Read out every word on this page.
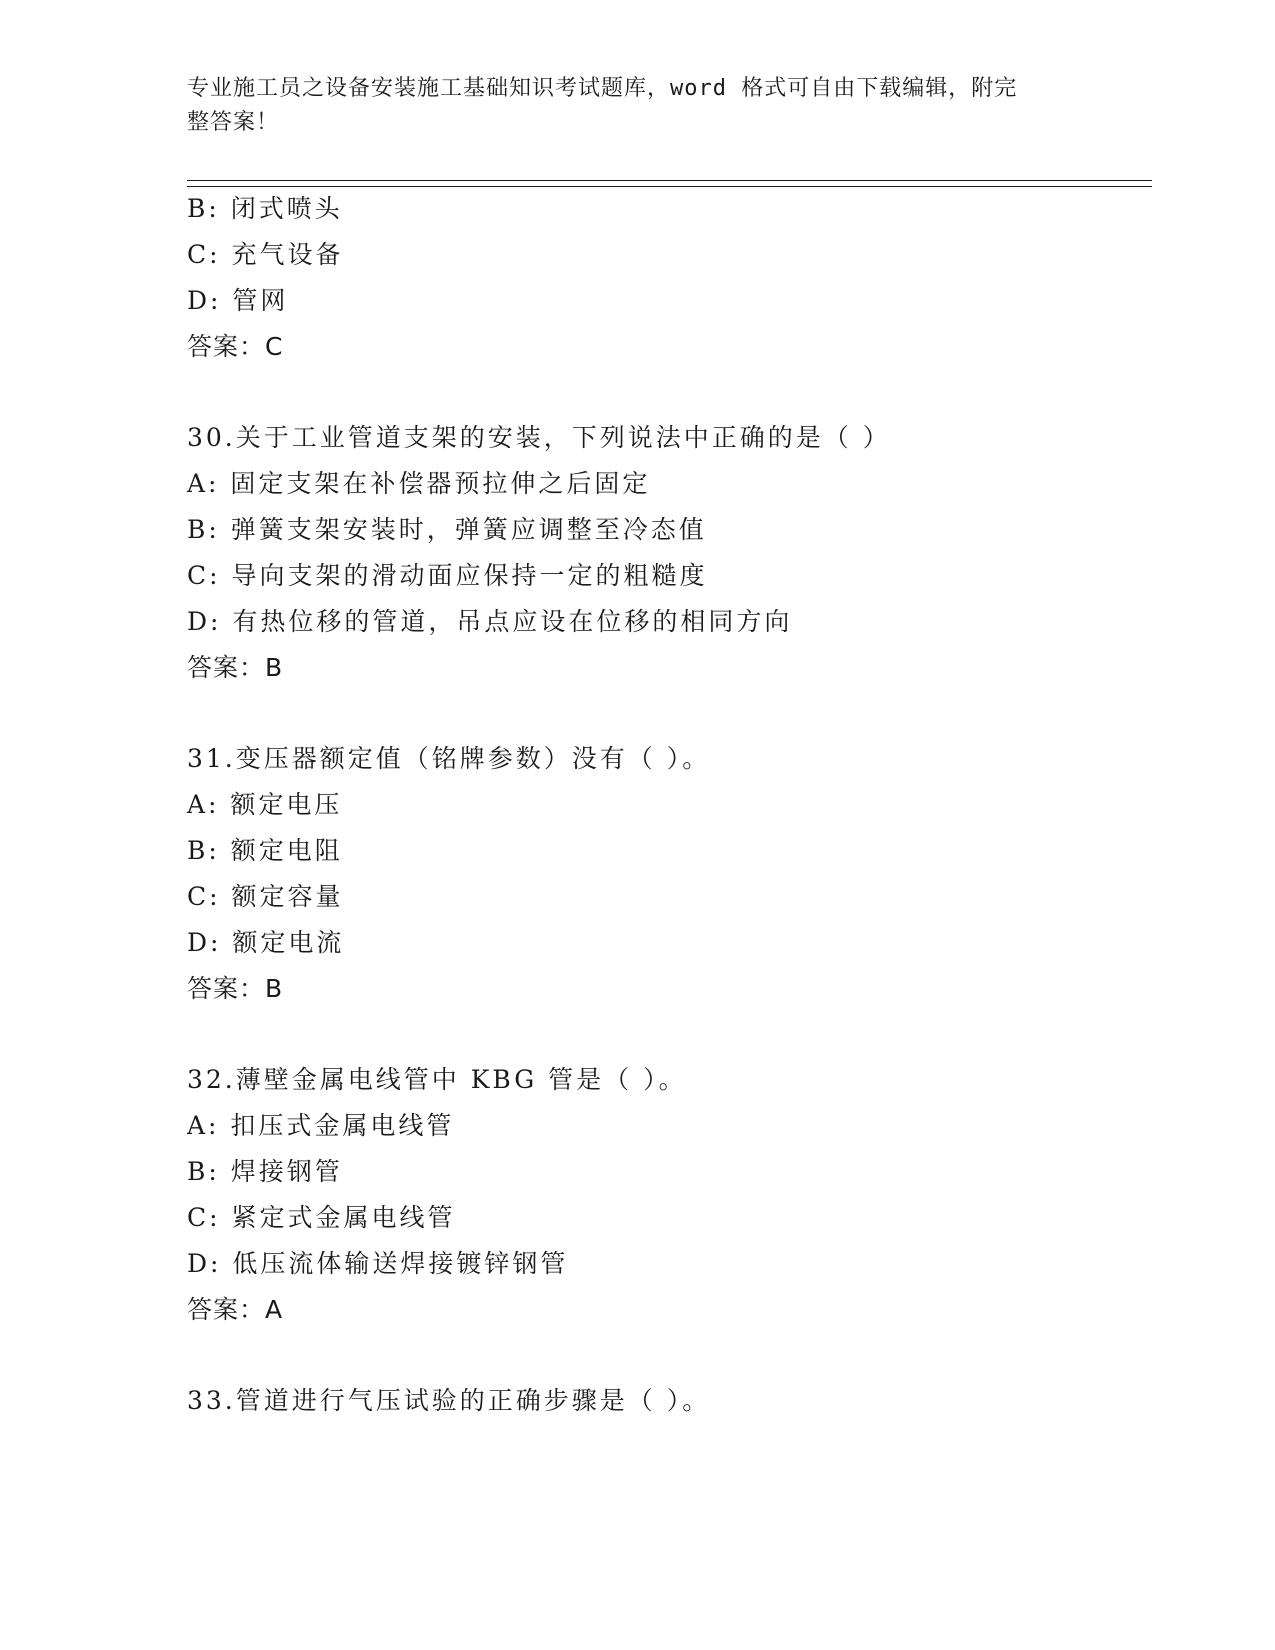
专业施工员之设备安装施工基础知识考试题库，word 格式可自由下载编辑，附完
整答案！
B: 闭式喷头
C: 充气设备
D: 管网
答案：C
30.关于工业管道支架的安装，下列说法中正确的是（ ）
A: 固定支架在补偿器预拉伸之后固定
B: 弹簧支架安装时，弹簧应调整至冷态值
C: 导向支架的滑动面应保持一定的粗糙度
D: 有热位移的管道，吊点应设在位移的相同方向
答案：B
31.变压器额定值（铭牌参数）没有（ ）。
A: 额定电压
B: 额定电阻
C: 额定容量
D: 额定电流
答案：B
32.薄壁金属电线管中 KBG 管是（ ）。
A: 扣压式金属电线管
B: 焊接钢管
C: 紧定式金属电线管
D: 低压流体输送焊接镀锌钢管
答案：A
33.管道进行气压试验的正确步骤是（ ）。
